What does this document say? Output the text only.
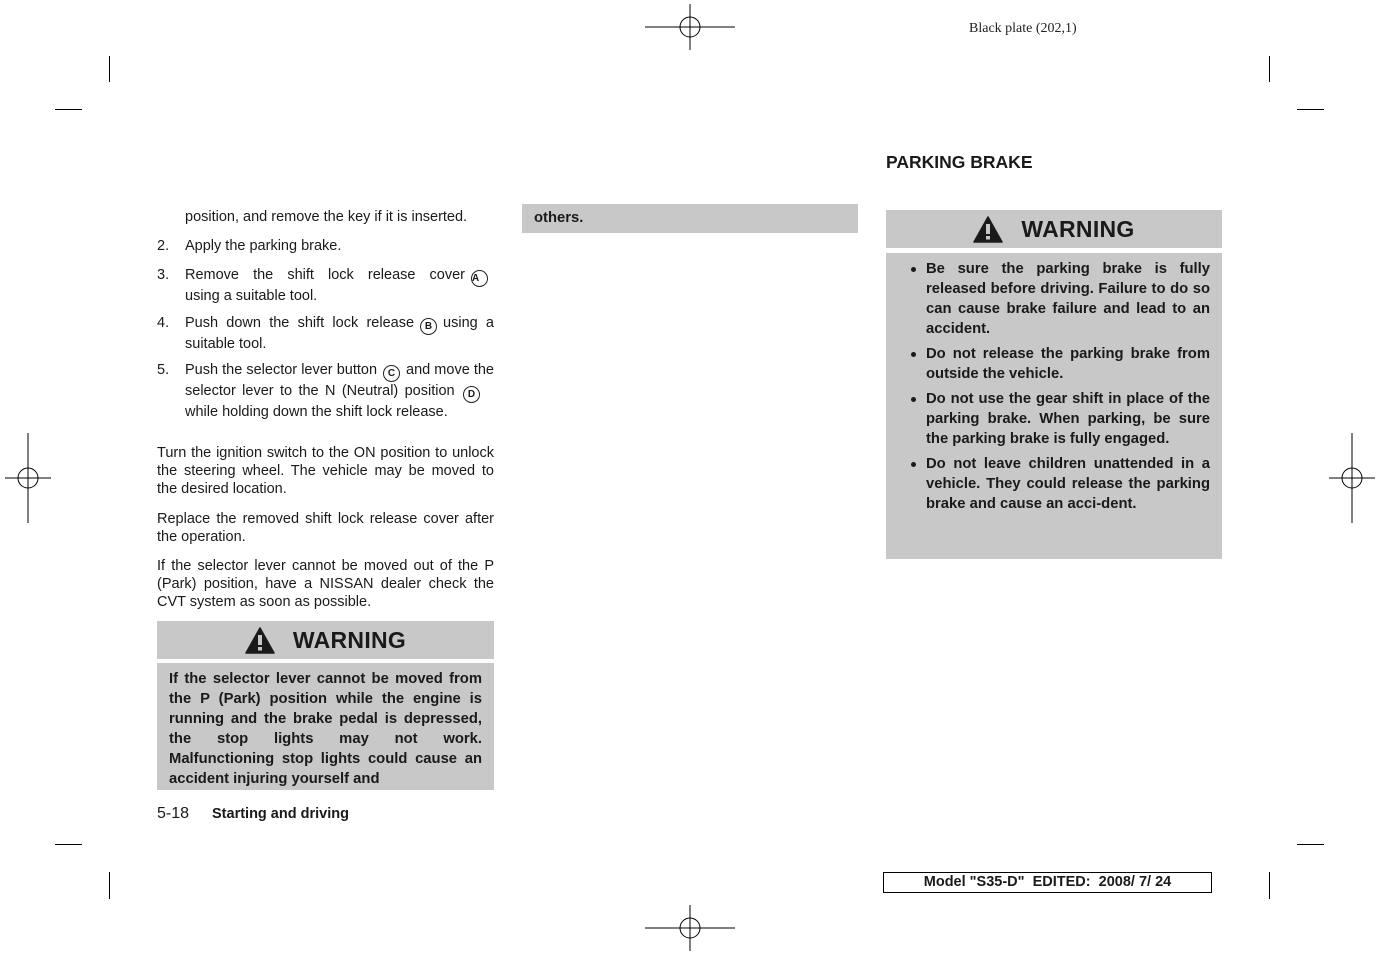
Black plate (202,1)
position, and remove the key if it is inserted.
2. Apply the parking brake.
3. Remove the shift lock release cover A
using a suitable tool.
4. Push down the shift lock release B using a suitable tool.
5. Push the selector lever button C and move the selector lever to the N (Neutral) position Dwhile holding down the shift lock release.
Turn the ignition switch to the ON position to unlock the steering wheel. The vehicle may be moved to the desired location.
Replace the removed shift lock release cover after the operation.
If the selector lever cannot be moved out of the P (Park) position, have a NISSAN dealer check the CVT system as soon as possible.
WARNING
If the selector lever cannot be moved from the P (Park) position while the engine is running and the brake pedal is depressed, the stop lights may not work. Malfunctioning stop lights could cause an accident injuring yourself and
others.
PARKING BRAKE
WARNING
Be sure the parking brake is fully released before driving. Failure to do so can cause brake failure and lead to an accident.
Do not release the parking brake from outside the vehicle.
Do not use the gear shift in place of the parking brake. When parking, be sure the parking brake is fully engaged.
Do not leave children unattended in a vehicle. They could release the parking brake and cause an acci-dent.
5-18 Starting and driving
Model "S35-D"  EDITED:  2008/ 7/ 24
